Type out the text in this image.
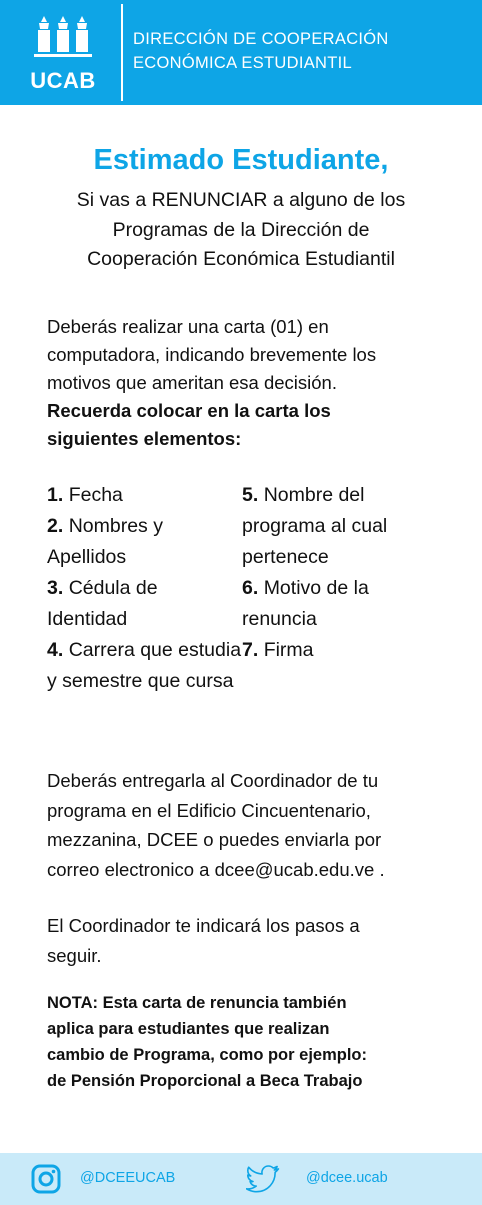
UCAB
DIRECCIÓN DE COOPERACIÓN
ECONÓMICA ESTUDIANTIL
Estimado Estudiante,
Si vas a RENUNCIAR a alguno de los
Programas de la Dirección de
Cooperación Económica Estudiantil
Deberás realizar una carta (01) en
computadora, indicando brevemente los
motivos que ameritan esa decisión.
Recuerda colocar en la carta los
siguientes elementos:
1. Fecha
2. Nombres y Apellidos
3. Cédula de Identidad
4. Carrera que estudia y semestre que cursa
5. Nombre del programa al cual pertenece
6. Motivo de la renuncia
7. Firma
Deberás entregarla al Coordinador de tu
programa en el Edificio Cincuentenario,
mezzanina, DCEE o puedes enviarla por
correo electronico a dcee@ucab.edu.ve .
El Coordinador te indicará los pasos a
seguir.
NOTA: Esta carta de renuncia también
aplica para estudiantes que realizan
cambio de Programa, como por ejemplo:
de Pensión Proporcional a Beca Trabajo
@DCEEUCAB	@dcee.ucab
